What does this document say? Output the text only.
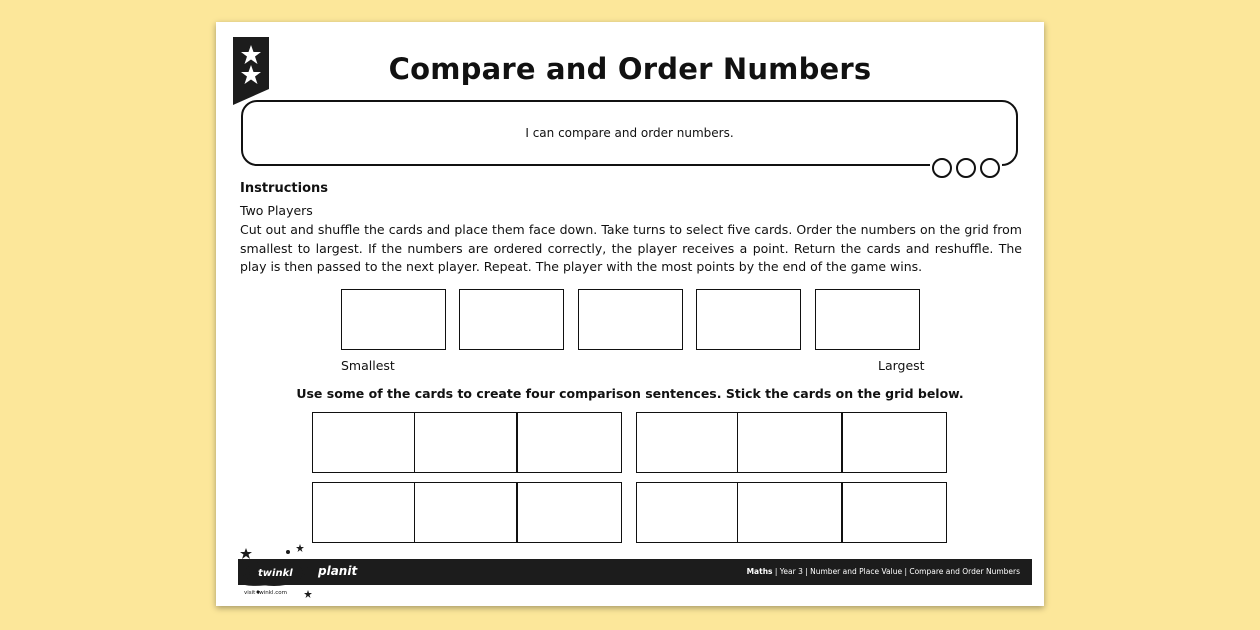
Compare and Order Numbers
I can compare and order numbers.
Instructions
Two Players
Cut out and shuffle the cards and place them face down. Take turns to select five cards. Order the numbers on the grid from smallest to largest. If the numbers are ordered correctly, the player receives a point. Return the cards and reshuffle. The play is then passed to the next player. Repeat. The player with the most points by the end of the game wins.
Smallest	Largest
Use some of the cards to create four comparison sentences. Stick the cards on the grid below.
planit	Maths | Year 3 | Number and Place Value | Compare and Order Numbers
twinkl
visit twinkl.com
